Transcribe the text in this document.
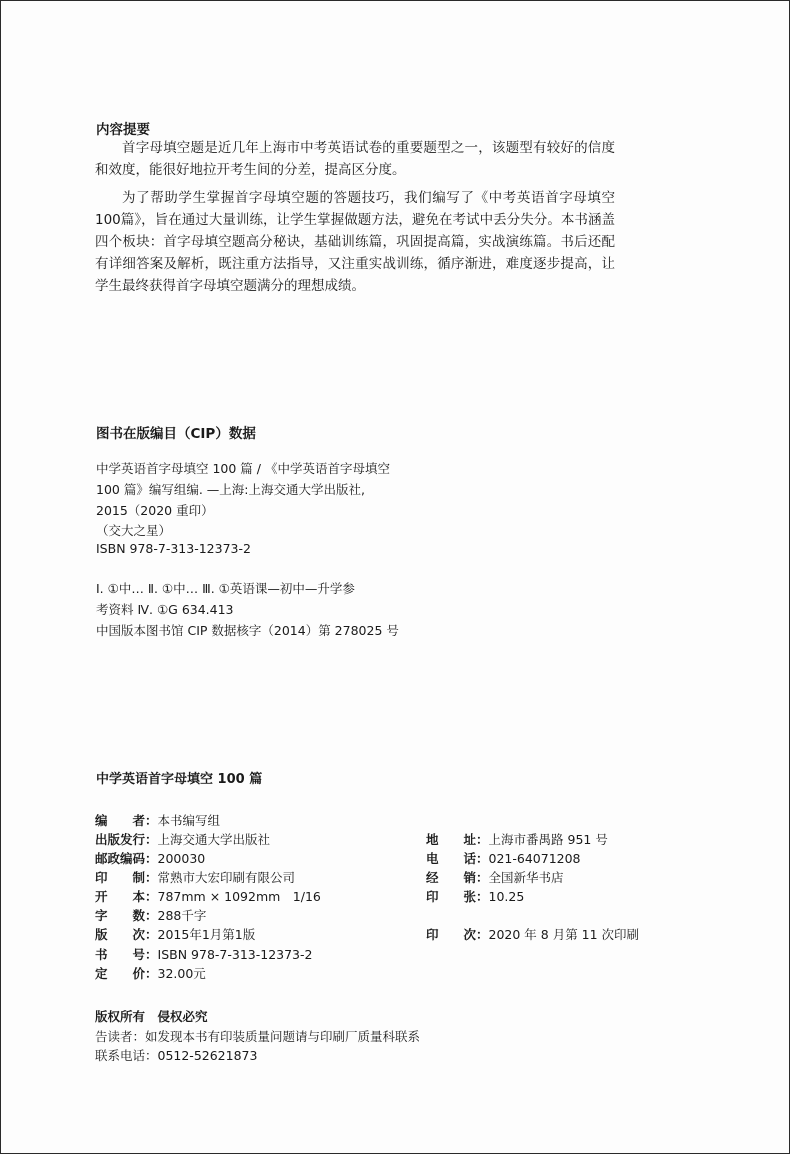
内容提要

首字母填空题是近几年上海市中考英语试卷的重要题型之一，该题型有较好的信度和效度，能很好地拉开考生间的分差，提高区分度。

为了帮助学生掌握首字母填空题的答题技巧，我们编写了《中考英语首字母填空100篇》，旨在通过大量训练，让学生掌握做题方法，避免在考试中丢分失分。本书涵盖四个板块：首字母填空题高分秘诀，基础训练篇，巩固提高篇，实战演练篇。书后还配有详细答案及解析，既注重方法指导，又注重实战训练，循序渐进，难度逐步提高，让学生最终获得首字母填空题满分的理想成绩。

图书在版编目（CIP）数据
中学英语首字母填空 100 篇 / 《中学英语首字母填空
100 篇》编写组编. —上海:上海交通大学出版社,
2015（2020 重印）
（交大之星）
ISBN 978-7-313-12373-2
Ⅰ. ①中… Ⅱ. ①中… Ⅲ. ①英语课—初中—升学参
考资料 Ⅳ. ①G 634.413
中国版本图书馆 CIP 数据核字（2014）第 278025 号
中学英语首字母填空 100 篇
编　　者：本书编写组
出版发行：上海交通大学出版社
邮政编码：200030
印　　制：常熟市大宏印刷有限公司
开　　本：787mm × 1092mm　1/16
字　　数：288千字
版　　次：2015年1月第1版
书　　号：ISBN 978-7-313-12373-2
定　　价：32.00元
地　　址：上海市番禺路 951 号
电　　话：021-64071208
经　　销：全国新华书店
印　　张：10.25
印　　次：2020 年 8 月第 11 次印刷
版权所有　侵权必究
告读者：如发现本书有印装质量问题请与印刷厂质量科联系
联系电话：0512-52621873
